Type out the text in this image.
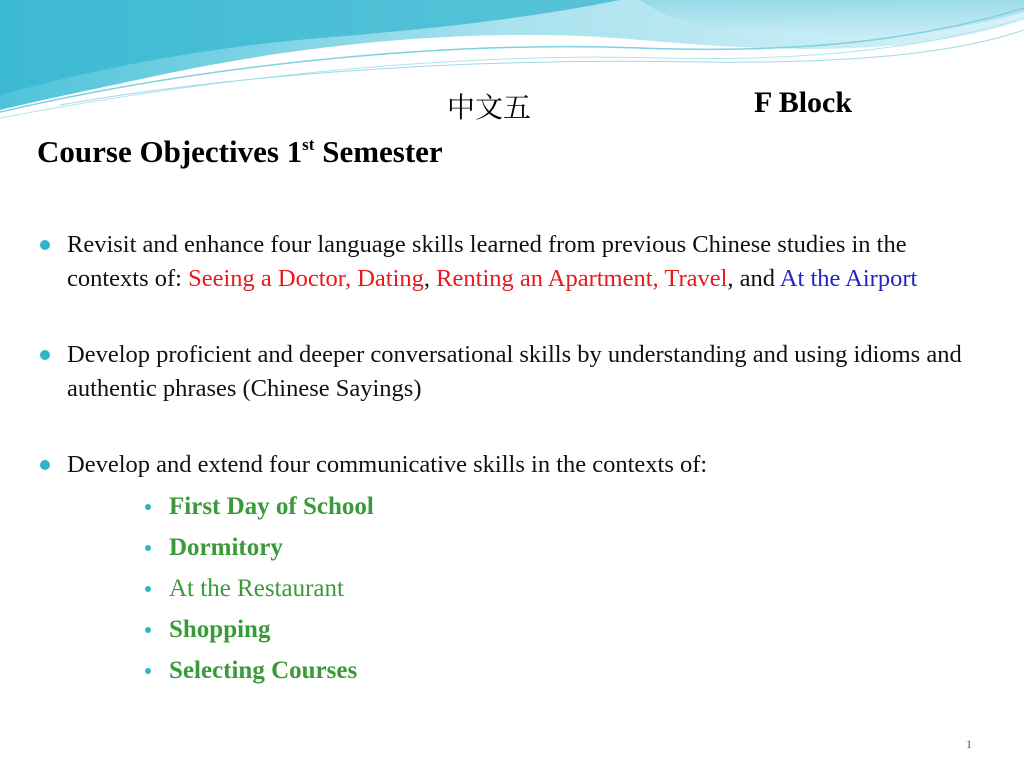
中文五	F Block
Course Objectives 1st Semester

Revisit and enhance four language skills learned from previous Chinese studies in the contexts of: Seeing a Doctor, Dating, Renting an Apartment, Travel, and At the Airport

Develop proficient and deeper conversational skills by understanding and using idioms and authentic phrases (Chinese Sayings)

Develop and extend four communicative skills in the contexts of:
First Day of School
Dormitory
At the Restaurant
Shopping
Selecting Courses
1
